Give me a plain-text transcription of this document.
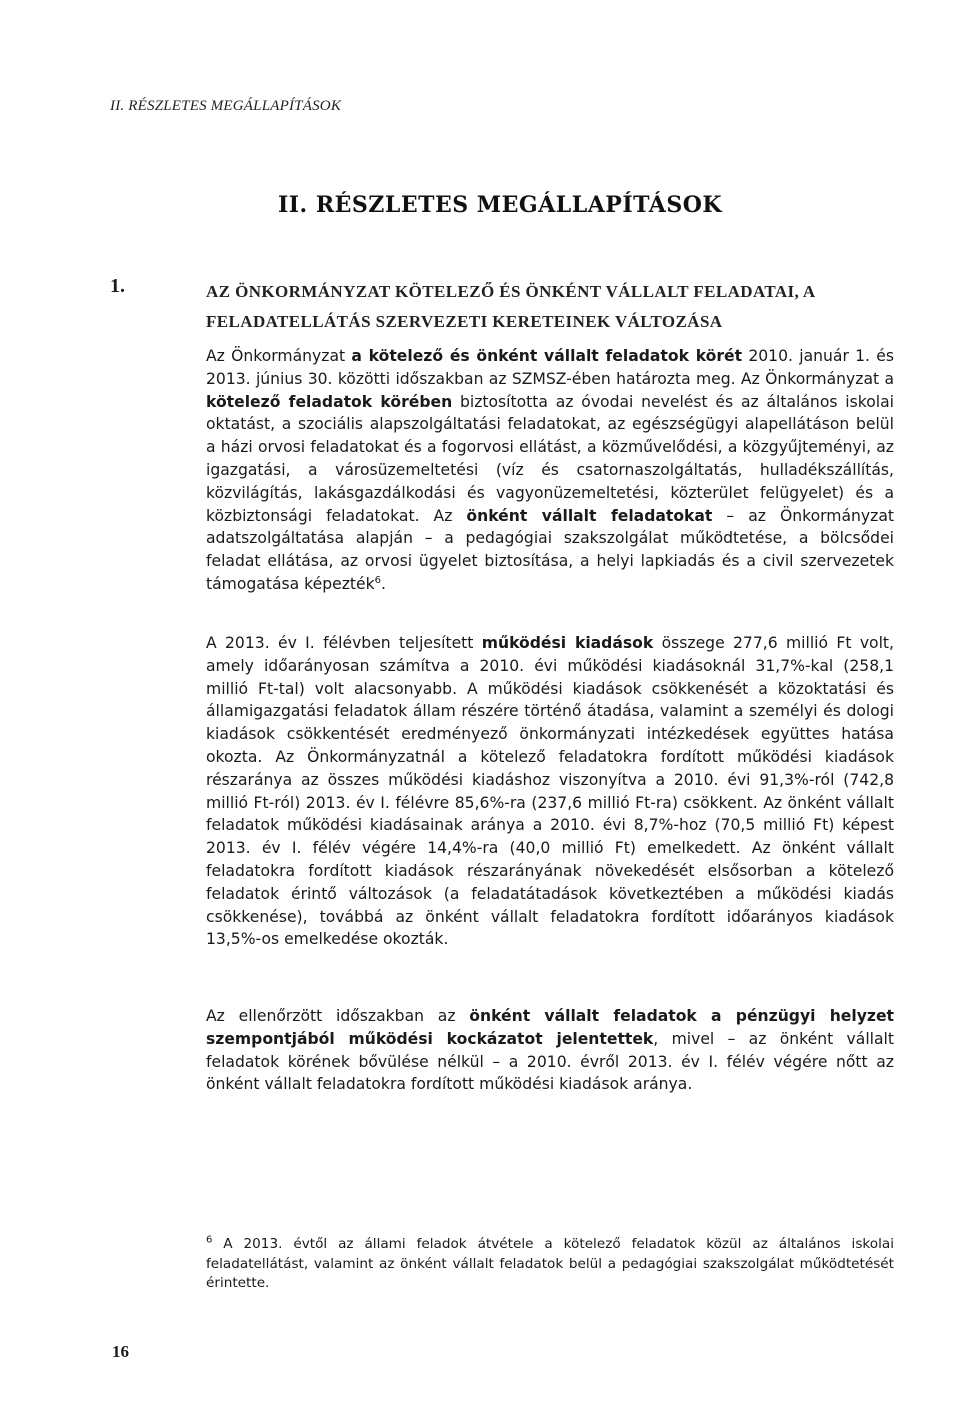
II. RÉSZLETES MEGÁLLAPÍTÁSOK
II. RÉSZLETES MEGÁLLAPÍTÁSOK
1.	AZ ÖNKORMÁNYZAT KÖTELEZŐ ÉS ÖNKÉNT VÁLLALT FELADATAI, A FELADATELLÁTÁS SZERVEZETI KERETEINEK VÁLTOZÁSA

Az Önkormányzat a kötelező és önként vállalt feladatok körét 2010. január 1. és 2013. június 30. közötti időszakban az SZMSZ-ében határozta meg. Az Önkormányzat a kötelező feladatok körében biztosította az óvodai nevelést és az általános iskolai oktatást, a szociális alapszolgáltatási feladatokat, az egészségügyi alapellátáson belül a házi orvosi feladatokat és a fogorvosi ellátást, a közművelődési, a közgyűjteményi, az igazgatási, a városüzemeltetési (víz és csatornaszolgáltatás, hulladékszállítás, közvilágítás, lakásgazdálkodási és vagyonüzemeltetési, közterület felügyelet) és a közbiztonsági feladatokat. Az önként vállalt feladatokat – az Önkormányzat adatszolgáltatása alapján – a pedagógiai szakszolgálat működtetése, a bölcsődei feladat ellátása, az orvosi ügyelet biztosítása, a helyi lapkiadás és a civil szervezetek támogatása képezték$^6$.

A 2013. év I. félévben teljesített működési kiadások összege 277,6 millió Ft volt, amely időarányosan számítva a 2010. évi működési kiadásoknál 31,7%-kal (258,1 millió Ft-tal) volt alacsonyabb. A működési kiadások csökkenését a közoktatási és államigazgatási feladatok állam részére történő átadása, valamint a személyi és dologi kiadások csökkentését eredményező önkormányzati intézkedések együttes hatása okozta. Az Önkormányzatnál a kötelező feladatokra fordított működési kiadások részaránya az összes működési kiadáshoz viszonyítva a 2010. évi 91,3%-ról (742,8 millió Ft-ról) 2013. év I. félévre 85,6%-ra (237,6 millió Ft-ra) csökkent. Az önként vállalt feladatok működési kiadásainak aránya a 2010. évi 8,7%-hoz (70,5 millió Ft) képest 2013. év I. félév végére 14,4%-ra (40,0 millió Ft) emelkedett. Az önként vállalt feladatokra fordított kiadások részarányának növekedését elsősorban a kötelező feladatok érintő változások (a feladatátadások következtében a működési kiadás csökkenése), továbbá az önként vállalt feladatokra fordított időarányos kiadások 13,5%-os emelkedése okozták.

Az ellenőrzött időszakban az önként vállalt feladatok a pénzügyi helyzet szempontjából működési kockázatot jelentettek, mivel – az önként vállalt feladatok körének bővülése nélkül – a 2010. évről 2013. év I. félév végére nőtt az önként vállalt feladatokra fordított működési kiadások aránya.

$^6$ A 2013. évtől az állami feladok átvétele a kötelező feladatok közül az általános iskolai feladatellátást, valamint az önként vállalt feladatok belül a pedagógiai szakszolgálat működtetését érintette.

16
